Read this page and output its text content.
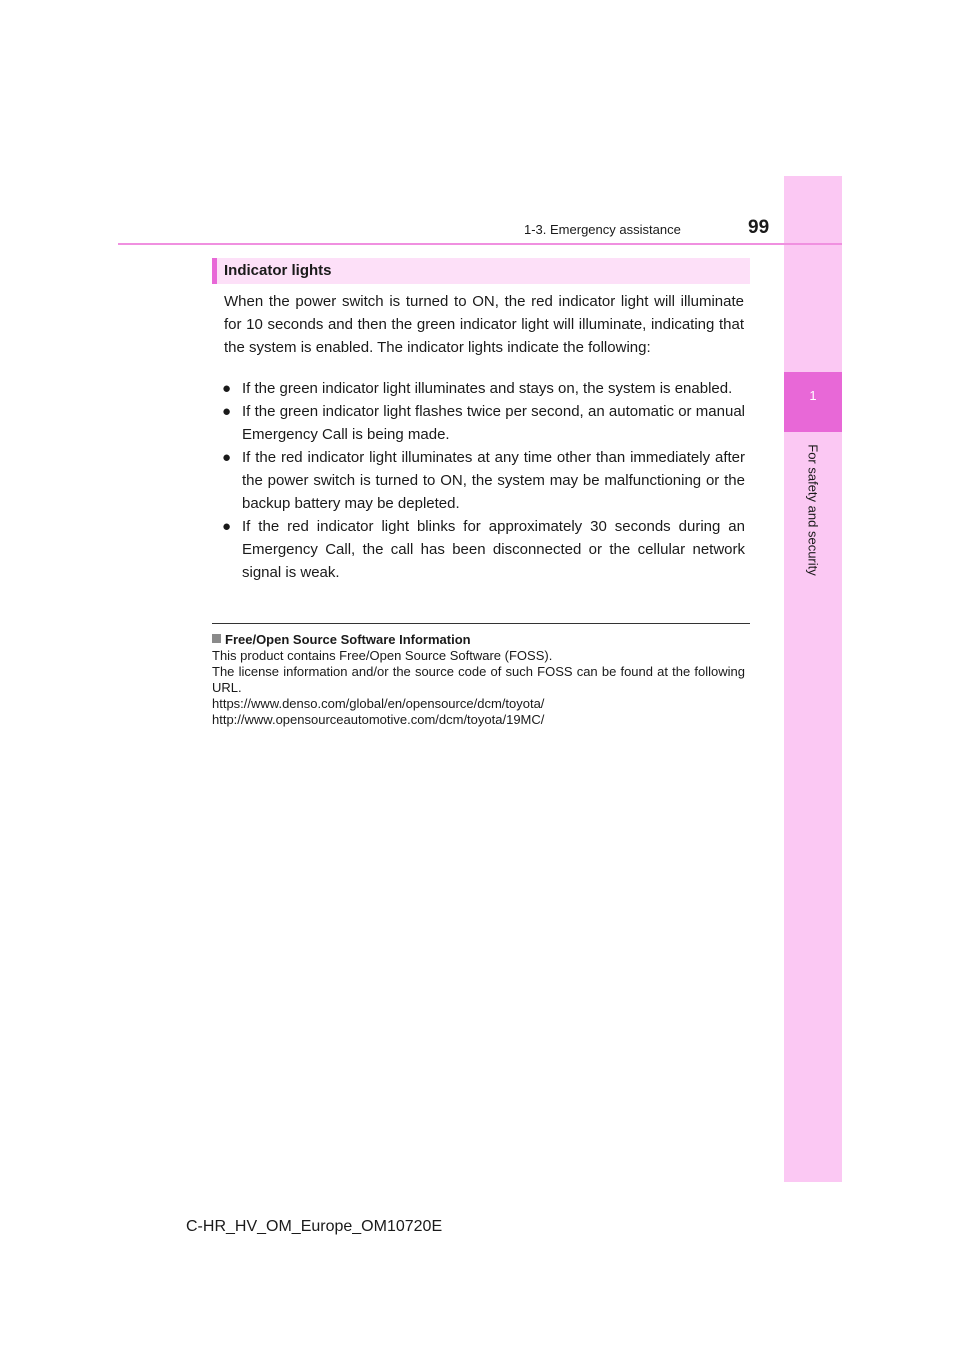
1
For safety and security
1-3. Emergency assistance	99
Indicator lights
When the power switch is turned to ON, the red indicator light will illuminate for 10 seconds and then the green indicator light will illuminate, indicating that the system is enabled. The indicator lights indicate the following:
● If the green indicator light illuminates and stays on, the system is enabled.
● If the green indicator light flashes twice per second, an automatic or manual Emergency Call is being made.
● If the red indicator light illuminates at any time other than immediately after the power switch is turned to ON, the system may be malfunctioning or the backup battery may be depleted.
● If the red indicator light blinks for approximately 30 seconds during an Emergency Call, the call has been disconnected or the cellular network signal is weak.
Free/Open Source Software Information
This product contains Free/Open Source Software (FOSS).
The license information and/or the source code of such FOSS can be found at the following URL.
https://www.denso.com/global/en/opensource/dcm/toyota/
http://www.opensourceautomotive.com/dcm/toyota/19MC/
C-HR_HV_OM_Europe_OM10720E
